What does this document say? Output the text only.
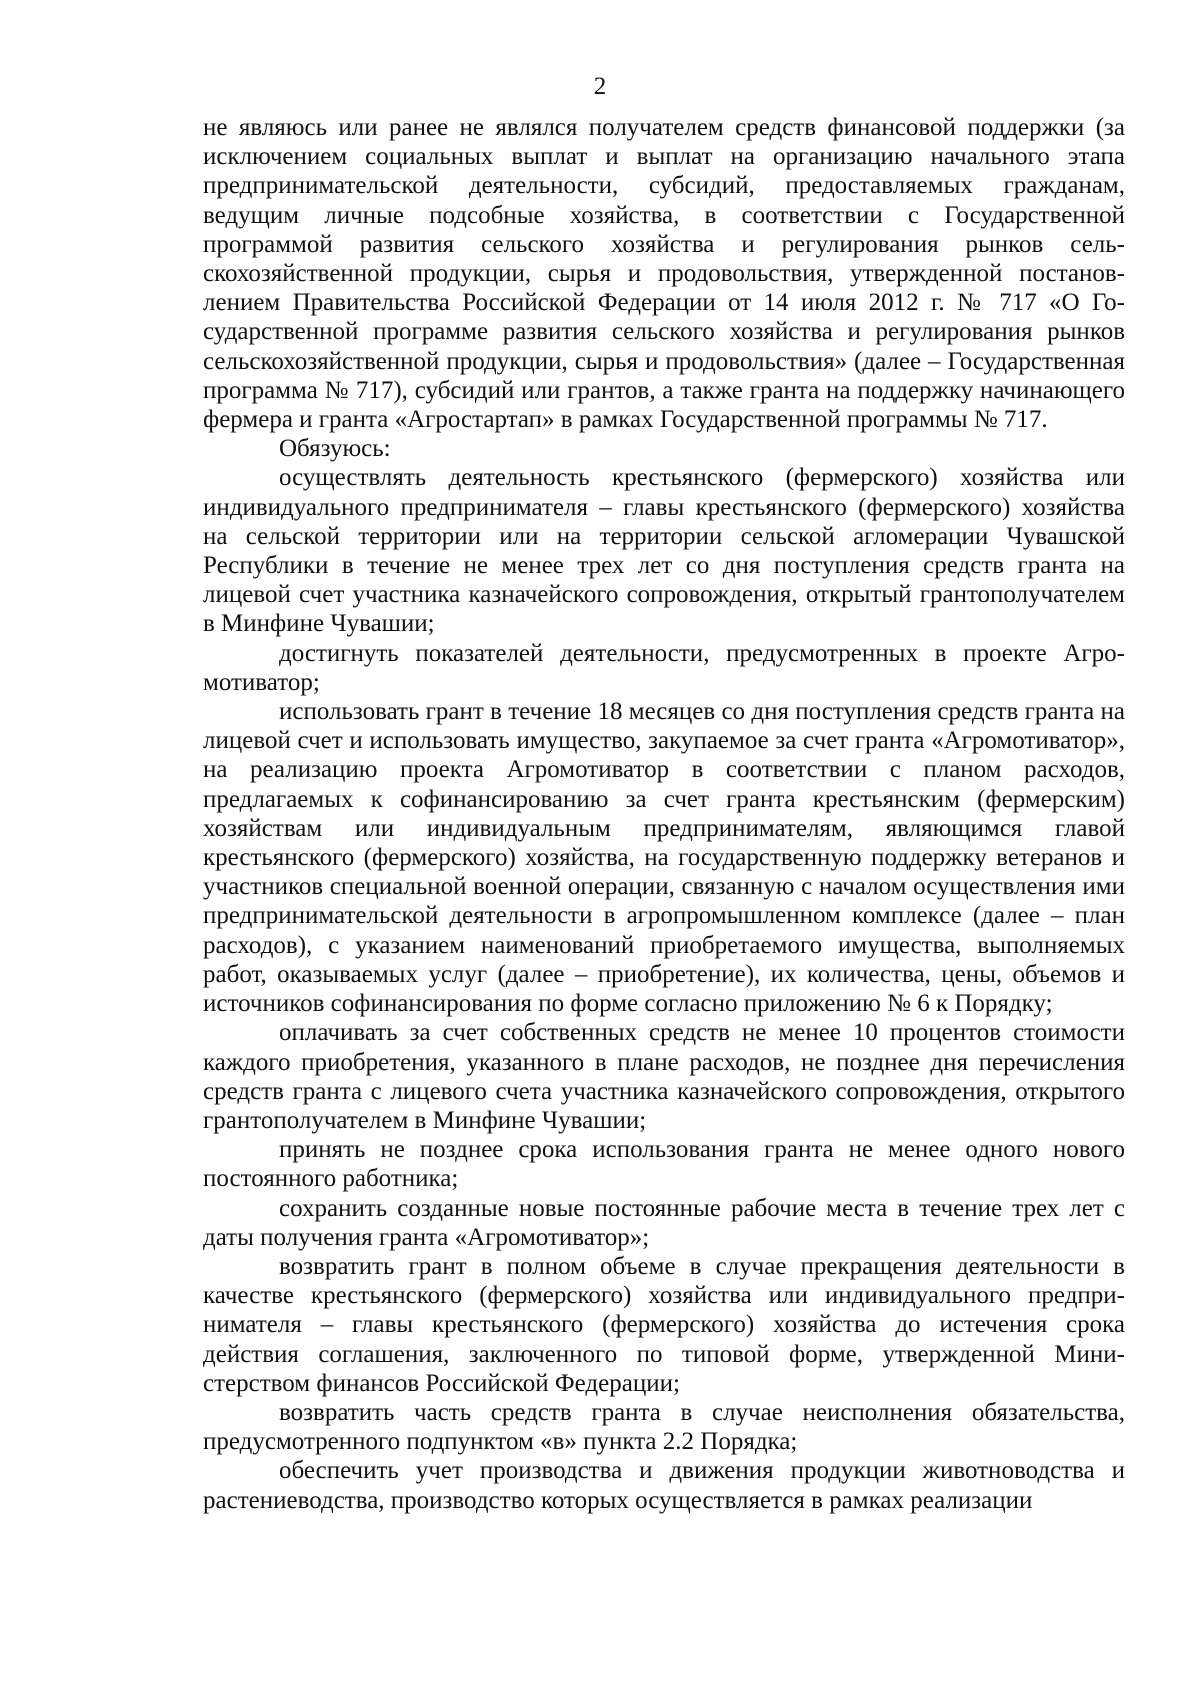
2

не являюсь или ранее не являлся получателем средств финансовой поддержки (за исключением социальных выплат и выплат на организацию начального этапа предпринимательской деятельности, субсидий, предоставляемых гражданам, ведущим личные подсобные хозяйства, в соответствии с Государственной программой развития сельского хозяйства и регулирования рынков сельскохозяйственной продукции, сырья и продовольствия, утвержденной постановлением Правительства Российской Федерации от 14 июля 2012 г. № 717 «О Государственной программе развития сельского хозяйства и регулирования рынков сельскохозяйственной продукции, сырья и продовольствия» (далее – Государственная программа № 717), субсидий или грантов, а также гранта на поддержку начинающего фермера и гранта «Агростартап» в рамках Государственной программы № 717.

Обязуюсь:

осуществлять деятельность крестьянского (фермерского) хозяйства или индивидуального предпринимателя – главы крестьянского (фермерского) хозяйства на сельской территории или на территории сельской агломерации Чувашской Республики в течение не менее трех лет со дня поступления средств гранта на лицевой счет участника казначейского сопровождения, открытый грантополучателем в Минфине Чувашии;

достигнуть показателей деятельности, предусмотренных в проекте Агромотиватор;

использовать грант в течение 18 месяцев со дня поступления средств гранта на лицевой счет и использовать имущество, закупаемое за счет гранта «Агромотиватор», на реализацию проекта Агромотиватор в соответствии с планом расходов, предлагаемых к софинансированию за счет гранта крестьянским (фермерским) хозяйствам или индивидуальным предпринимателям, являющимся главой крестьянского (фермерского) хозяйства, на государственную поддержку ветеранов и участников специальной военной операции, связанную с началом осуществления ими предпринимательской деятельности в агропромышленном комплексе (далее – план расходов), с указанием наименований приобретаемого имущества, выполняемых работ, оказываемых услуг (далее – приобретение), их количества, цены, объемов и источников софинансирования по форме согласно приложению № 6 к Порядку;

оплачивать за счет собственных средств не менее 10 процентов стоимости каждого приобретения, указанного в плане расходов, не позднее дня перечисления средств гранта с лицевого счета участника казначейского сопровождения, открытого грантополучателем в Минфине Чувашии;

принять не позднее срока использования гранта не менее одного нового постоянного работника;

сохранить созданные новые постоянные рабочие места в течение трех лет с даты получения гранта «Агромотиватор»;

возвратить грант в полном объеме в случае прекращения деятельности в качестве крестьянского (фермерского) хозяйства или индивидуального предпринимателя – главы крестьянского (фермерского) хозяйства до истечения срока действия соглашения, заключенного по типовой форме, утвержденной Министерством финансов Российской Федерации;

возвратить часть средств гранта в случае неисполнения обязательства, предусмотренного подпунктом «в» пункта 2.2 Порядка;

обеспечить учет производства и движения продукции животноводства и растениеводства, производство которых осуществляется в рамках реализации
